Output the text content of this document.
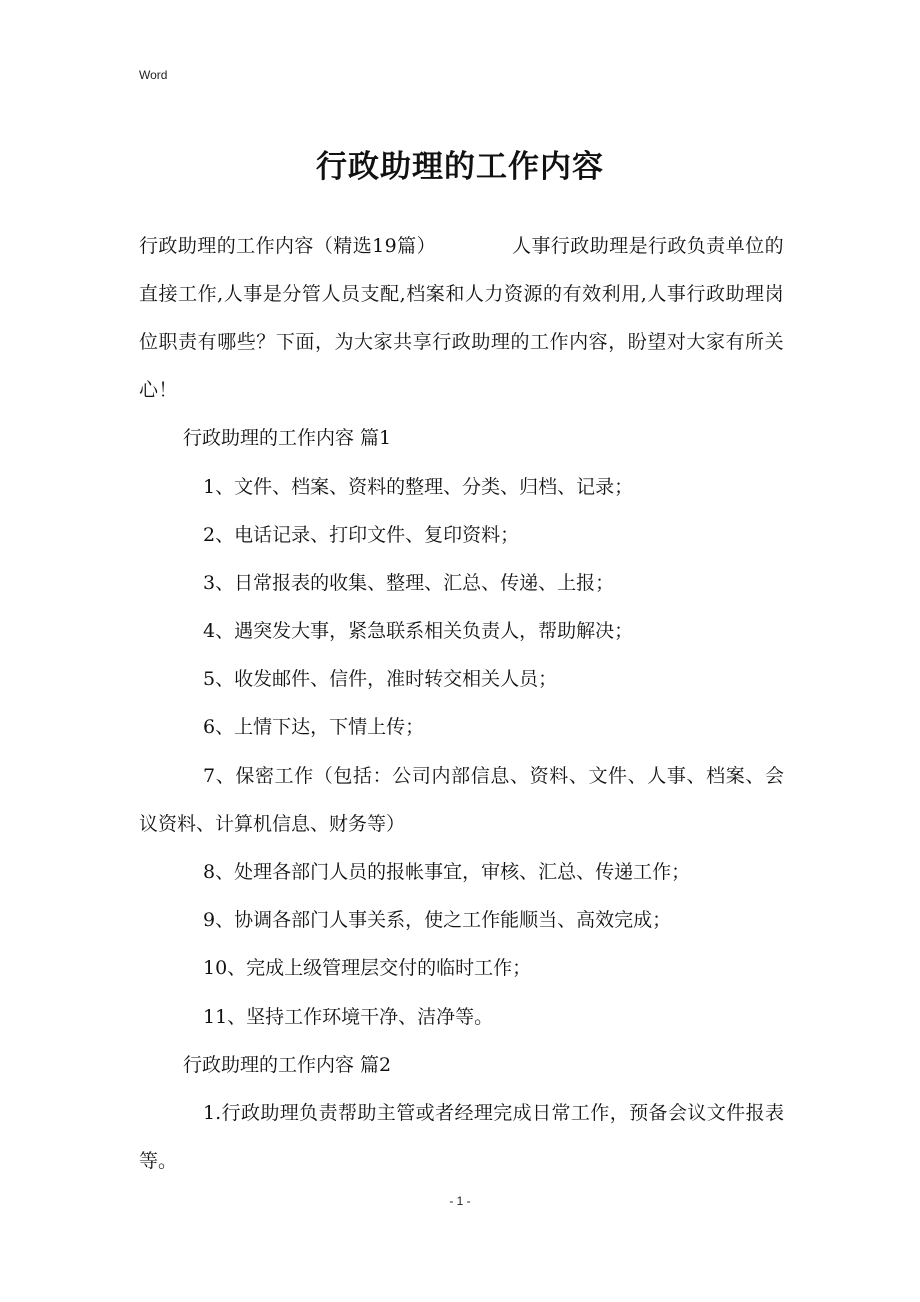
Word
行政助理的工作内容
行政助理的工作内容（精选19篇）	人事行政助理是行政负责单位的直接工作,人事是分管人员支配,档案和人力资源的有效利用,人事行政助理岗位职责有哪些？下面，为大家共享行政助理的工作内容，盼望对大家有所关心！
行政助理的工作内容 篇1
1、文件、档案、资料的整理、分类、归档、记录；
2、电话记录、打印文件、复印资料；
3、日常报表的收集、整理、汇总、传递、上报；
4、遇突发大事，紧急联系相关负责人，帮助解决；
5、收发邮件、信件，准时转交相关人员；
6、上情下达，下情上传；
7、保密工作（包括：公司内部信息、资料、文件、人事、档案、会议资料、计算机信息、财务等）
8、处理各部门人员的报帐事宜，审核、汇总、传递工作；
9、协调各部门人事关系，使之工作能顺当、高效完成；
10、完成上级管理层交付的临时工作；
11、坚持工作环境干净、洁净等。
行政助理的工作内容 篇2
1.行政助理负责帮助主管或者经理完成日常工作，预备会议文件报表等。
- 1 -
